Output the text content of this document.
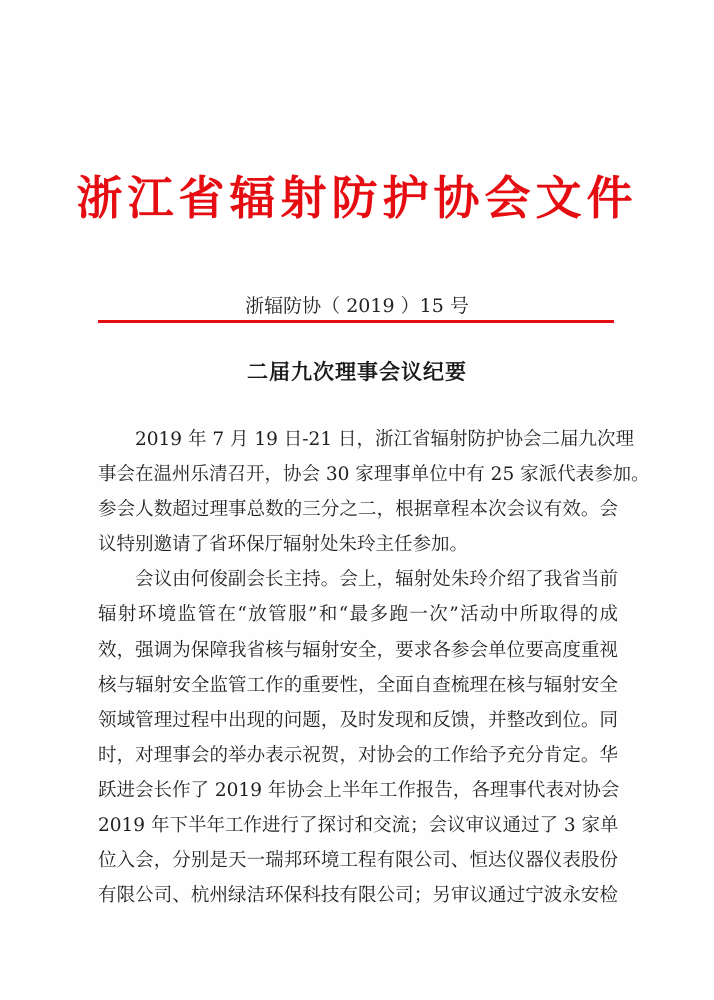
浙江省辐射防护协会文件
浙辐防协（ 2019 ）15 号
二届九次理事会议纪要
2019 年 7 月 19 日-21 日，浙江省辐射防护协会二届九次理
事会在温州乐清召开，协会 30 家理事单位中有 25 家派代表参加。
参会人数超过理事总数的三分之二，根据章程本次会议有效。会
议特别邀请了省环保厅辐射处朱玲主任参加。
会议由何俊副会长主持。会上，辐射处朱玲介绍了我省当前
辐射环境监管在“放管服”和“最多跑一次”活动中所取得的成
效，强调为保障我省核与辐射安全，要求各参会单位要高度重视
核与辐射安全监管工作的重要性，全面自查梳理在核与辐射安全
领域管理过程中出现的问题，及时发现和反馈，并整改到位。同
时，对理事会的举办表示祝贺，对协会的工作给予充分肯定。华
跃进会长作了 2019 年协会上半年工作报告，各理事代表对协会
2019 年下半年工作进行了探讨和交流；会议审议通过了 3 家单
位入会，分别是天一瑞邦环境工程有限公司、恒达仪器仪表股份
有限公司、杭州绿洁环保科技有限公司；另审议通过宁波永安检
